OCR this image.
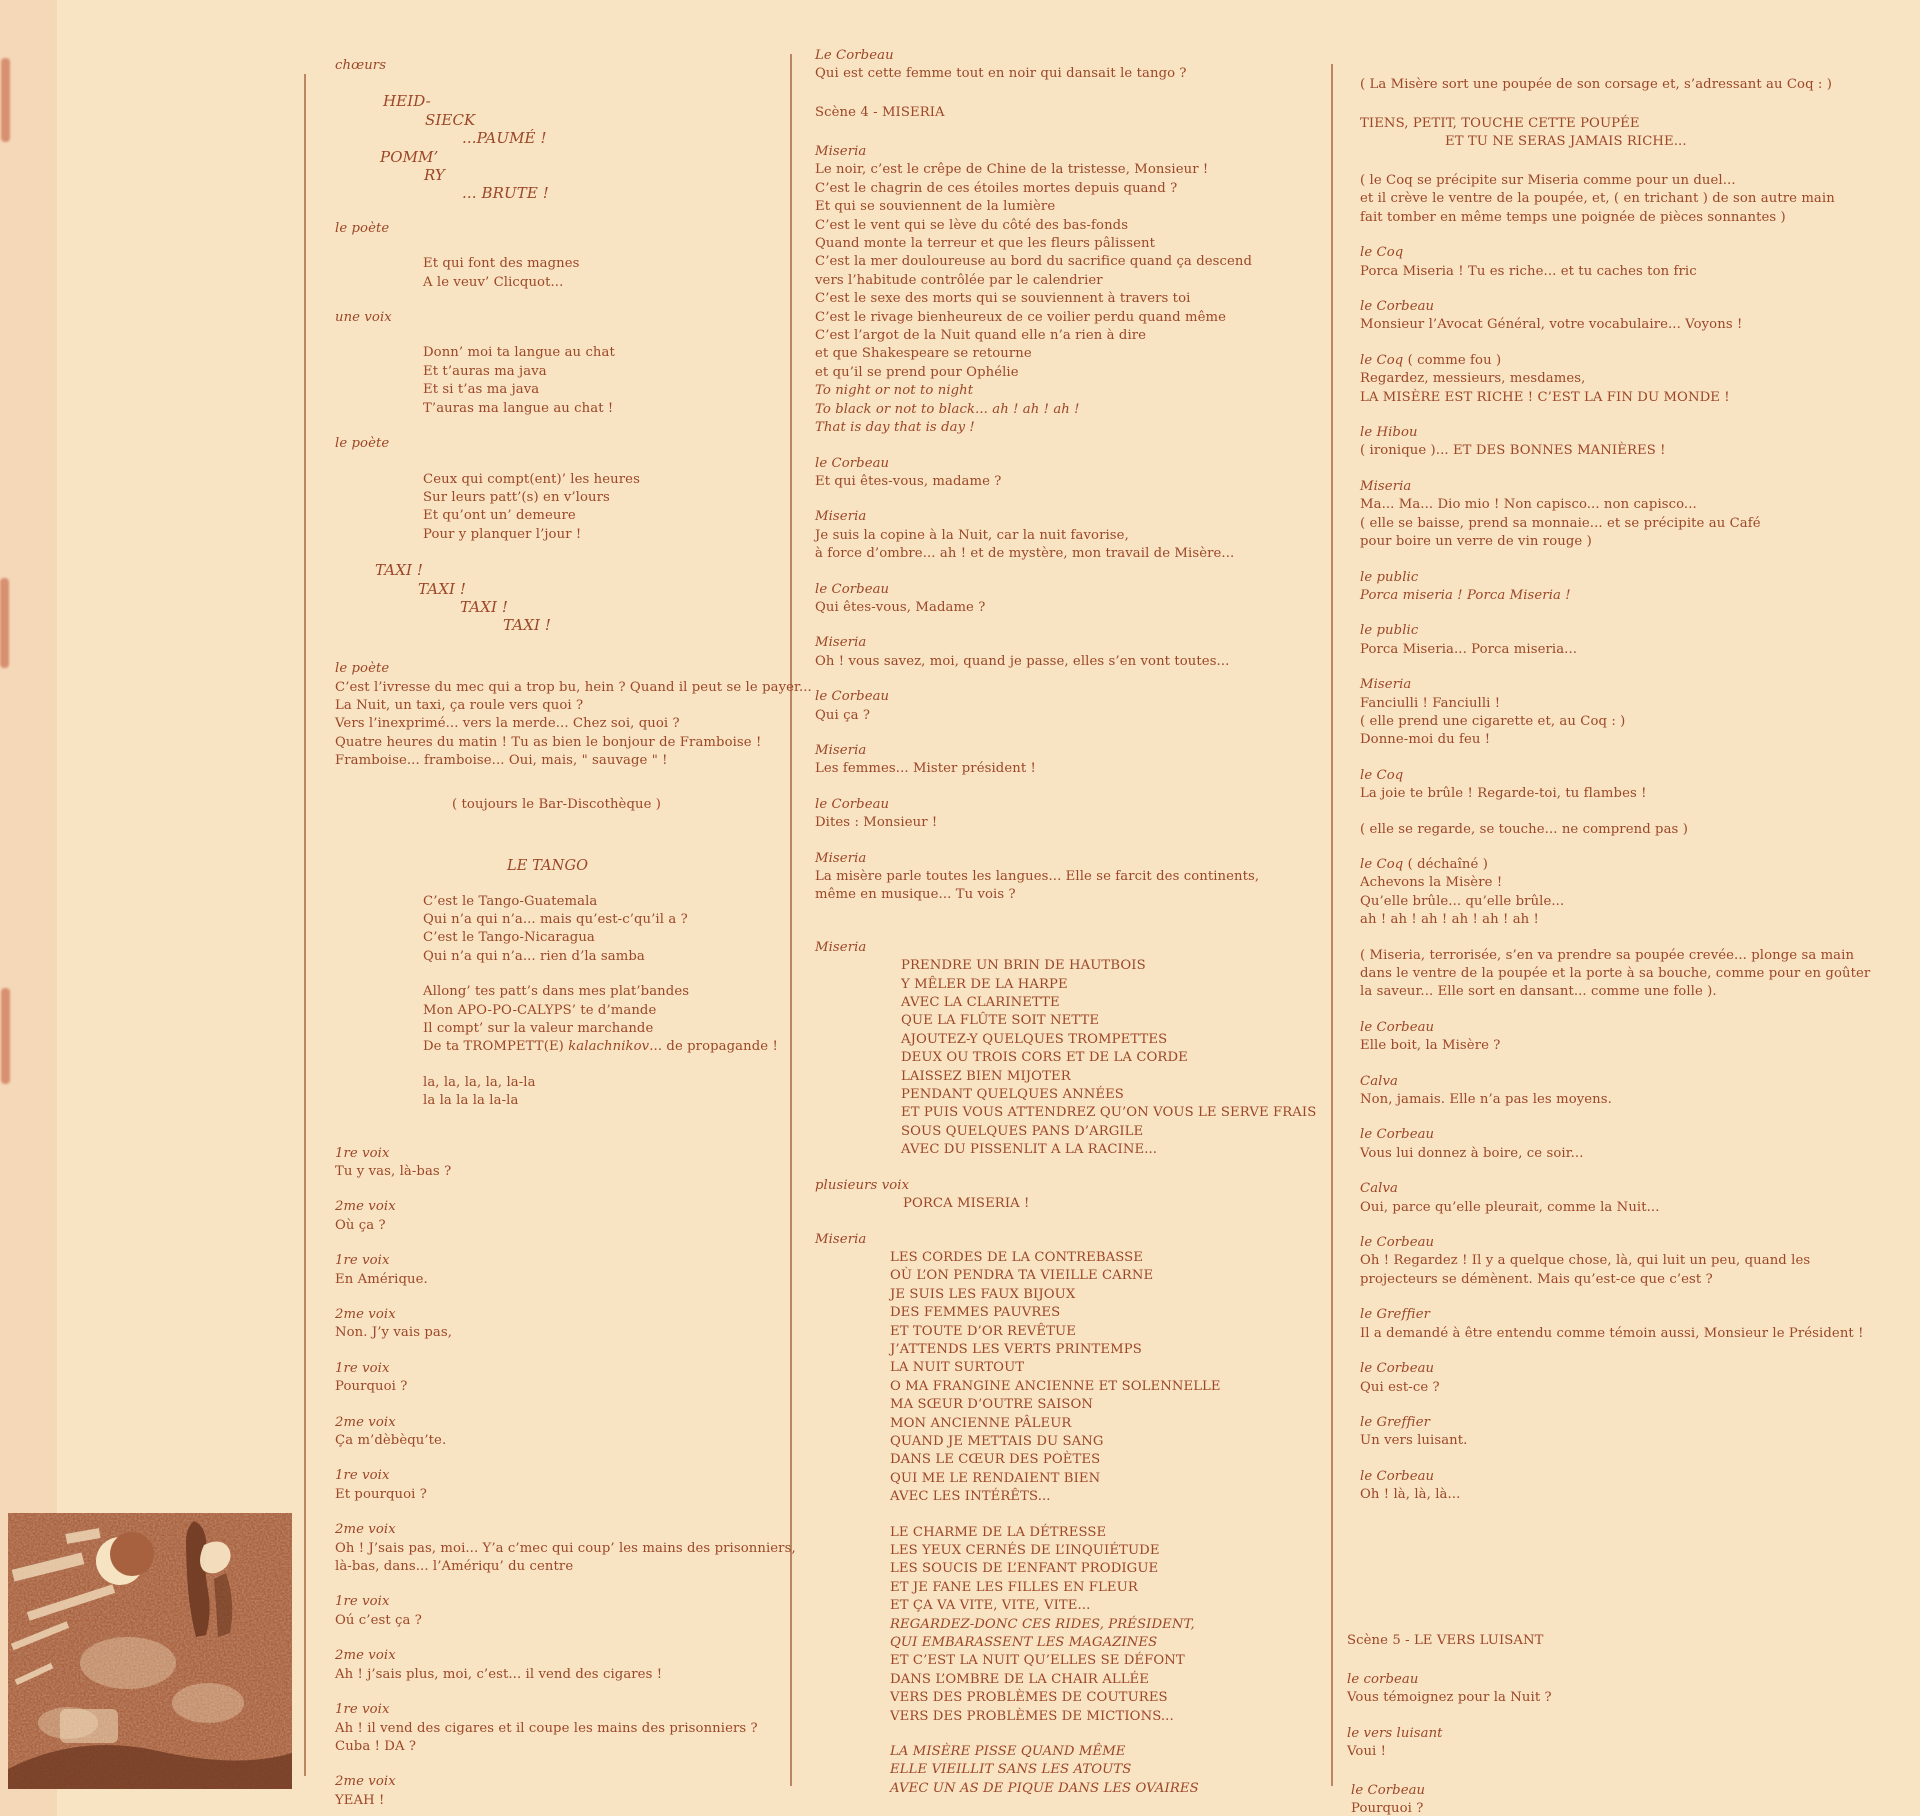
chœurs
HEID-
SIECK
...PAUMÉ !
POMM’
RY
... BRUTE !
le poète
Et qui font des magnes
A le veuv’ Clicquot...
une voix
Donn’ moi ta langue au chat
Et t’auras ma java
Et si t’as ma java
T’auras ma langue au chat !
le poète
Ceux qui compt(ent)’ les heures
Sur leurs patt’(s) en v’lours
Et qu’ont un’ demeure
Pour y planquer l’jour !
TAXI !
TAXI !
TAXI !
TAXI !
le poète
C’est l’ivresse du mec qui a trop bu, hein ? Quand il peut se le payer...
La Nuit, un taxi, ça roule vers quoi ?
Vers l’inexprimé... vers la merde... Chez soi, quoi ?
Quatre heures du matin ! Tu as bien le bonjour de Framboise !
Framboise... framboise... Oui, mais, " sauvage " !
( toujours le Bar-Discothèque )
LE TANGO
C’est le Tango-Guatemala
Qui n’a qui n’a... mais qu’est-c’qu’il a ?
C’est le Tango-Nicaragua
Qui n’a qui n’a... rien d’la samba
Allong’ tes patt’s dans mes plat’bandes
Mon APO-PO-CALYPS’ te d’mande
Il compt’ sur la valeur marchande
De ta TROMPETT(E) kalachnikov... de propagande !
la, la, la, la, la-la
la la la la la-la
1re voix
Tu y vas, là-bas ?
2me voix
Où ça ?
1re voix
En Amérique.
2me voix
Non. J’y vais pas,
1re voix
Pourquoi ?
2me voix
Ça m’dèbèqu’te.
1re voix
Et pourquoi ?
2me voix
Oh ! J’sais pas, moi... Y’a c’mec qui coup’ les mains des prisonniers,
là-bas, dans... l’Amériqu’ du centre
1re voix
Oú c’est ça ?
2me voix
Ah ! j’sais plus, moi, c’est... il vend des cigares !
1re voix
Ah ! il vend des cigares et il coupe les mains des prisonniers ?
Cuba ! DA ?
2me voix
YEAH !
Le Corbeau
Qui est cette femme tout en noir qui dansait le tango ?
Scène 4 - MISERIA
Miseria
Le noir, c’est le crêpe de Chine de la tristesse, Monsieur !
C’est le chagrin de ces étoiles mortes depuis quand ?
Et qui se souviennent de la lumière
C’est le vent qui se lève du côté des bas-fonds
Quand monte la terreur et que les fleurs pâlissent
C’est la mer douloureuse au bord du sacrifice quand ça descend
vers l’habitude contrôlée par le calendrier
C’est le sexe des morts qui se souviennent à travers toi
C’est le rivage bienheureux de ce voilier perdu quand même
C’est l’argot de la Nuit quand elle n’a rien à dire
et que Shakespeare se retourne
et qu’il se prend pour Ophélie
To night or not to night
To black or not to black... ah ! ah ! ah !
That is day that is day !
le Corbeau
Et qui êtes-vous, madame ?
Miseria
Je suis la copine à la Nuit, car la nuit favorise,
à force d’ombre... ah ! et de mystère, mon travail de Misère...
le Corbeau
Qui êtes-vous, Madame ?
Miseria
Oh ! vous savez, moi, quand je passe, elles s’en vont toutes...
le Corbeau
Qui ça ?
Miseria
Les femmes... Mister président !
le Corbeau
Dites : Monsieur !
Miseria
La misère parle toutes les langues... Elle se farcit des continents,
même en musique... Tu vois ?
Miseria
PRENDRE UN BRIN DE HAUTBOIS
Y MÊLER DE LA HARPE
AVEC LA CLARINETTE
QUE LA FLÛTE SOIT NETTE
AJOUTEZ-Y QUELQUES TROMPETTES
DEUX OU TROIS CORS ET DE LA CORDE
LAISSEZ BIEN MIJOTER
PENDANT QUELQUES ANNÉES
ET PUIS VOUS ATTENDREZ QU’ON VOUS LE SERVE FRAIS
SOUS QUELQUES PANS D’ARGILE
AVEC DU PISSENLIT A LA RACINE...
plusieurs voix
PORCA MISERIA !
Miseria
LES CORDES DE LA CONTREBASSE
OÙ L’ON PENDRA TA VIEILLE CARNE
JE SUIS LES FAUX BIJOUX
DES FEMMES PAUVRES
ET TOUTE D’OR REVÊTUE
J’ATTENDS LES VERTS PRINTEMPS
LA NUIT SURTOUT
O MA FRANGINE ANCIENNE ET SOLENNELLE
MA SŒUR D’OUTRE SAISON
MON ANCIENNE PÂLEUR
QUAND JE METTAIS DU SANG
DANS LE CŒUR DES POÈTES
QUI ME LE RENDAIENT BIEN
AVEC LES INTÉRÊTS...
LE CHARME DE LA DÉTRESSE
LES YEUX CERNÉS DE L’INQUIÉTUDE
LES SOUCIS DE L’ENFANT PRODIGUE
ET JE FANE LES FILLES EN FLEUR
ET ÇA VA VITE, VITE, VITE...
REGARDEZ-DONC CES RIDES, PRÉSIDENT,
QUI EMBARASSENT LES MAGAZINES
ET C’EST LA NUIT QU’ELLES SE DÉFONT
DANS L’OMBRE DE LA CHAIR ALLÉE
VERS DES PROBLÈMES DE COUTURES
VERS DES PROBLÈMES DE MICTIONS...
LA MISÈRE PISSE QUAND MÊME
ELLE VIEILLIT SANS LES ATOUTS
AVEC UN AS DE PIQUE DANS LES OVAIRES
( La Misère sort une poupée de son corsage et, s’adressant au Coq : )
TIENS, PETIT, TOUCHE CETTE POUPÉE
ET TU NE SERAS JAMAIS RICHE...
( le Coq se précipite sur Miseria comme pour un duel...
et il crève le ventre de la poupée, et, ( en trichant ) de son autre main
fait tomber en même temps une poignée de pièces sonnantes )
le Coq
Porca Miseria ! Tu es riche... et tu caches ton fric
le Corbeau
Monsieur l’Avocat Général, votre vocabulaire... Voyons !
le Coq ( comme fou )
Regardez, messieurs, mesdames,
LA MISÈRE EST RICHE ! C’EST LA FIN DU MONDE !
le Hibou
( ironique )... ET DES BONNES MANIÈRES !
Miseria
Ma... Ma... Dio mio ! Non capisco... non capisco...
( elle se baisse, prend sa monnaie... et se précipite au Café
pour boire un verre de vin rouge )
le public
Porca miseria ! Porca Miseria !
le public
Porca Miseria... Porca miseria...
Miseria
Fanciulli ! Fanciulli !
( elle prend une cigarette et, au Coq : )
Donne-moi du feu !
le Coq
La joie te brûle ! Regarde-toi, tu flambes !
( elle se regarde, se touche... ne comprend pas )
le Coq ( déchaîné )
Achevons la Misère !
Qu’elle brûle... qu’elle brûle...
ah ! ah ! ah ! ah ! ah ! ah !
( Miseria, terrorisée, s’en va prendre sa poupée crevée... plonge sa main
dans le ventre de la poupée et la porte à sa bouche, comme pour en goûter
la saveur... Elle sort en dansant... comme une folle ).
le Corbeau
Elle boit, la Misère ?
Calva
Non, jamais. Elle n’a pas les moyens.
le Corbeau
Vous lui donnez à boire, ce soir...
Calva
Oui, parce qu’elle pleurait, comme la Nuit...
le Corbeau
Oh ! Regardez ! Il y a quelque chose, là, qui luit un peu, quand les
projecteurs se démènent. Mais qu’est-ce que c’est ?
le Greffier
Il a demandé à être entendu comme témoin aussi, Monsieur le Président !
le Corbeau
Qui est-ce ?
le Greffier
Un vers luisant.
le Corbeau
Oh ! là, là, là...
Scène 5 - LE VERS LUISANT
le corbeau
Vous témoignez pour la Nuit ?
le vers luisant
Voui !
le Corbeau
Pourquoi ?
